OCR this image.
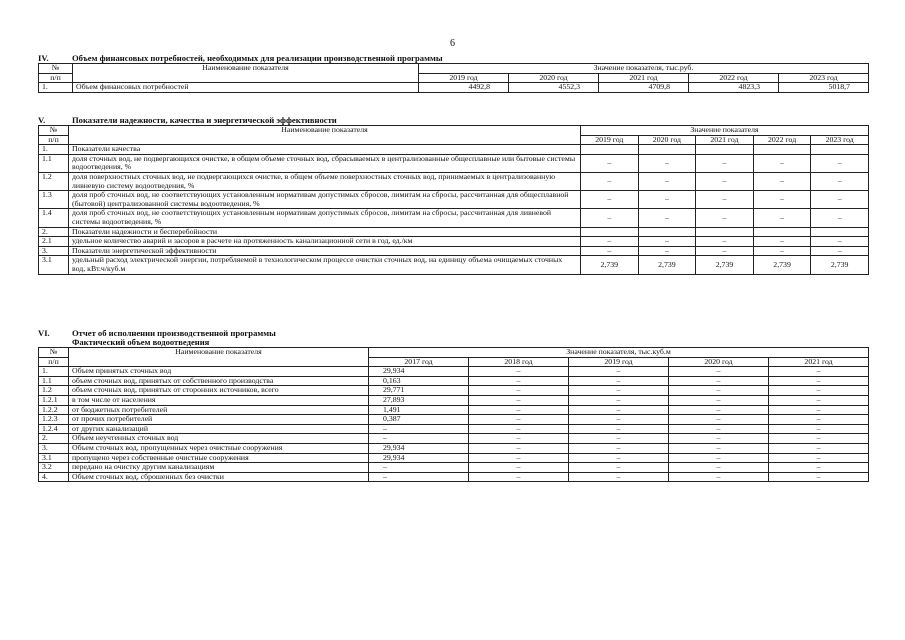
6
IV.	Объем финансовых потребностей, необходимых для реализации производственной программы
№	Наименование показателя	Значение показателя, тыс.руб.				
п/п		2019 год	2020 год	2021 год	2022 год	2023 год
1.	Объем финансовых потребностей	4492,8	4552,3	4709,8	4823,3	5018,7
V.	Показатели надежности, качества и энергетической эффективности
№	Наименование показателя	Значение показателя				
п/п		2019 год	2020 год	2021 год	2022 год	2023 год
1.	Показатели качества					
1.1	доля сточных вод, не подвергающихся очистке, в общем объеме сточных вод, сбрасываемых в централизованные общесплавные или бытовые системы водоотведения, %	–	–	–	–	–
1.2	доля поверхностных сточных вод, не подвергающихся очистке, в общем объеме поверхностных сточных вод, принимаемых в централизованную ливневую систему водоотведения, %	–	–	–	–	–
1.3	доля проб сточных вод, не соответствующих установленным нормативам допустимых сбросов, лимитам на сбросы, рассчитанная для общесплавной (бытовой) централизованной системы водоотведения, %	–	–	–	–	–
1.4	доля проб сточных вод, не соответствующих установленным нормативам допустимых сбросов, лимитам на сбросы, рассчитанная для ливневой системы водоотведения, %	–	–	–	–	–
2.	Показатели надежности и бесперебойности					
2.1	удельное количество аварий и засоров в расчете на протяженность канализационной сети в год, ед./км	–	–	–	–	–
3.	Показатели энергетической эффективности	–	–	–	–	–
3.1	удельный расход электрической энергии, потребляемой в технологическом процессе очистки сточных вод, на единицу объема очищаемых сточных вод, кВт.ч/куб.м	2,739	2,739	2,739	2,739	2,739
VI.	Отчет об исполнении производственной программы
Фактический объем водоотведения
№	Наименование показателя	Значение показателя, тыс.куб.м				
п/п		2017 год	2018 год	2019 год	2020 год	2021 год
1.	Объем принятых сточных вод	29,934	–	–	–	–
1.1	объем сточных вод, принятых от собственного производства	0,163	–	–	–	–
1.2	объем сточных вод, принятых от сторонних источников, всего	29,771	–	–	–	–
1.2.1	в том числе от населения	27,893	–	–	–	–
1.2.2	от бюджетных потребителей	1,491	–	–	–	–
1.2.3	от прочих потребителей	0,387	–	–	–	–
1.2.4	от других канализаций	–	–	–	–	–
2.	Объем неучтенных сточных вод	–	–	–	–	–
3.	Объем сточных вод, пропущенных через очистные сооружения	29,934	–	–	–	–
3.1	пропущено через собственные очистные сооружения	29,934	–	–	–	–
3.2	передано на очистку другим канализациям	–	–	–	–	–
4.	Объем сточных вод, сброшенных без очистки	–	–	–	–	–
